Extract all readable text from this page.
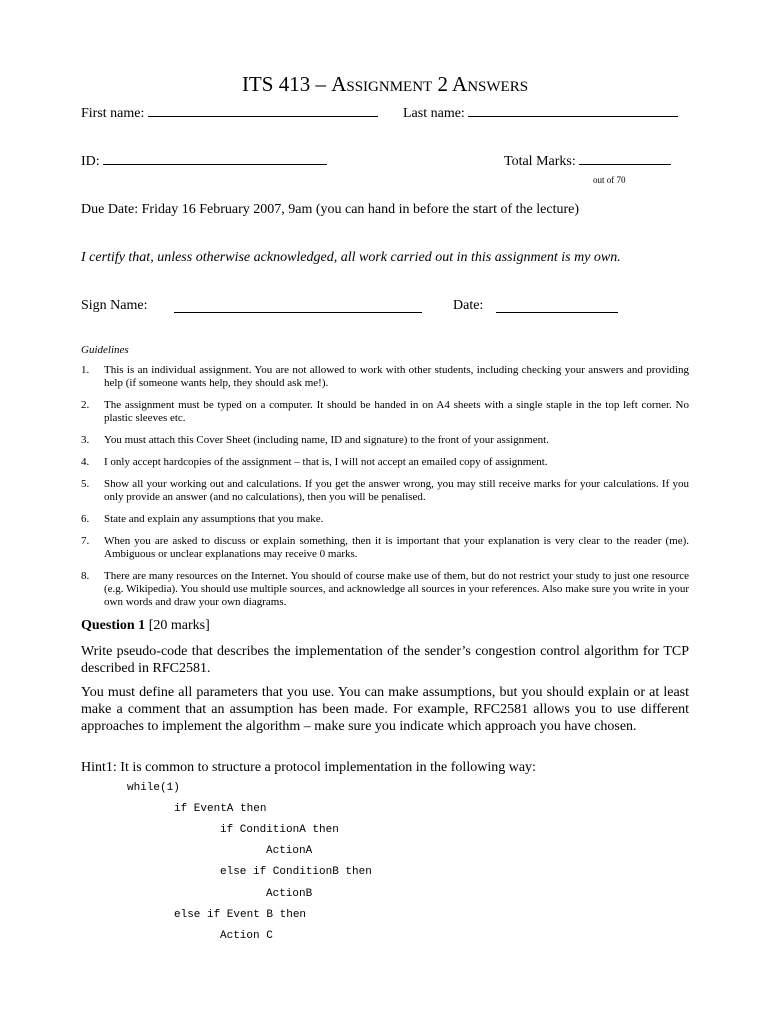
ITS 413 – Assignment 2 Answers
First name:	Last name:
ID:	Total Marks:
out of 70
Due Date: Friday 16 February 2007, 9am (you can hand in before the start of the lecture)
I certify that, unless otherwise acknowledged, all work carried out in this assignment is my own.
Sign Name:	Date:
Guidelines
1. This is an individual assignment. You are not allowed to work with other students, including checking your answers and providing help (if someone wants help, they should ask me!).
2. The assignment must be typed on a computer. It should be handed in on A4 sheets with a single staple in the top left corner. No plastic sleeves etc.
3. You must attach this Cover Sheet (including name, ID and signature) to the front of your assignment.
4. I only accept hardcopies of the assignment – that is, I will not accept an emailed copy of assignment.
5. Show all your working out and calculations. If you get the answer wrong, you may still receive marks for your calculations. If you only provide an answer (and no calculations), then you will be penalised.
6. State and explain any assumptions that you make.
7. When you are asked to discuss or explain something, then it is important that your explanation is very clear to the reader (me). Ambiguous or unclear explanations may receive 0 marks.
8. There are many resources on the Internet. You should of course make use of them, but do not restrict your study to just one resource (e.g. Wikipedia). You should use multiple sources, and acknowledge all sources in your references. Also make sure you write in your own words and draw your own diagrams.
Question 1 [20 marks]
Write pseudo-code that describes the implementation of the sender’s congestion control algorithm for TCP described in RFC2581.
You must define all parameters that you use. You can make assumptions, but you should explain or at least make a comment that an assumption has been made. For example, RFC2581 allows you to use different approaches to implement the algorithm – make sure you indicate which approach you have chosen.
Hint1: It is common to structure a protocol implementation in the following way:
while(1)
if EventA then
if ConditionA then
ActionA
else if ConditionB then
ActionB
else if Event B then
Action C
